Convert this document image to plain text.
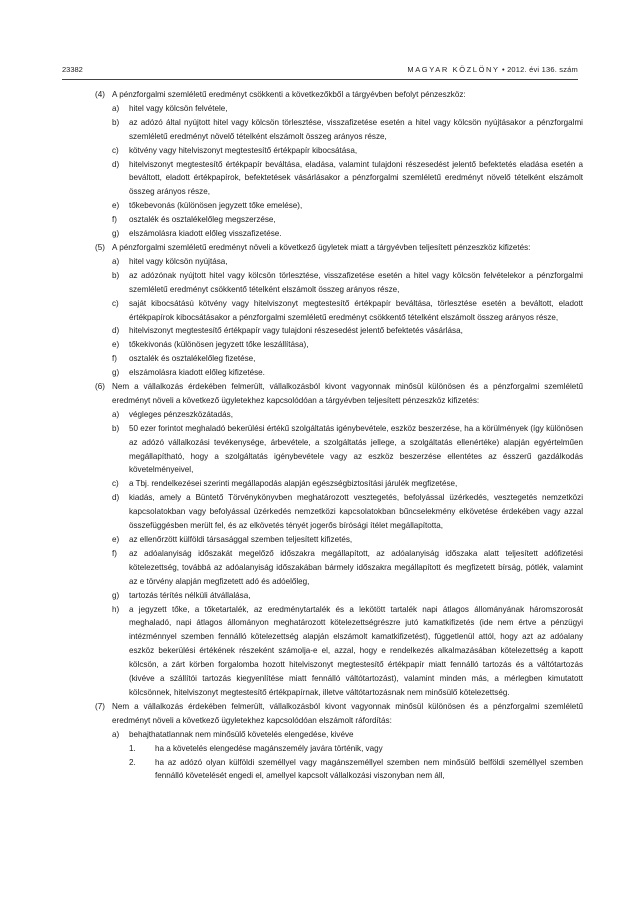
23382	MAGYAR KÖZLÖNY • 2012. évi 136. szám
(4) A pénzforgalmi szemléletű eredményt csökkenti a következőkből a tárgyévben befolyt pénzeszköz:
a) hitel vagy kölcsön felvétele,
b) az adózó által nyújtott hitel vagy kölcsön törlesztése, visszafizetése esetén a hitel vagy kölcsön nyújtásakor a pénzforgalmi szemléletű eredményt növelő tételként elszámolt összeg arányos része,
c) kötvény vagy hitelviszonyt megtestesítő értékpapír kibocsátása,
d) hitelviszonyt megtestesítő értékpapír beváltása, eladása, valamint tulajdoni részesedést jelentő befektetés eladása esetén a beváltott, eladott értékpapírok, befektetések vásárlásakor a pénzforgalmi szemléletű eredményt növelő tételként elszámolt összeg arányos része,
e) tőkebevonás (különösen jegyzett tőke emelése),
f) osztalék és osztalékelőleg megszerzése,
g) elszámolásra kiadott előleg visszafizetése.
(5) A pénzforgalmi szemléletű eredményt növeli a következő ügyletek miatt a tárgyévben teljesített pénzeszköz kifizetés:
a) hitel vagy kölcsön nyújtása,
b) az adózónak nyújtott hitel vagy kölcsön törlesztése, visszafizetése esetén a hitel vagy kölcsön felvételekor a pénzforgalmi szemléletű eredményt csökkentő tételként elszámolt összeg arányos része,
c) saját kibocsátású kötvény vagy hitelviszonyt megtestesítő értékpapír beváltása, törlesztése esetén a beváltott, eladott értékpapírok kibocsátásakor a pénzforgalmi szemléletű eredményt csökkentő tételként elszámolt összeg arányos része,
d) hitelviszonyt megtestesítő értékpapír vagy tulajdoni részesedést jelentő befektetés vásárlása,
e) tőkekivonás (különösen jegyzett tőke leszállítása),
f) osztalék és osztalékelőleg fizetése,
g) elszámolásra kiadott előleg kifizetése.
(6) Nem a vállalkozás érdekében felmerült, vállalkozásból kivont vagyonnak minősül különösen és a pénzforgalmi szemléletű eredményt növeli a következő ügyletekhez kapcsolódóan a tárgyévben teljesített pénzeszköz kifizetés:
a) végleges pénzeszközátadás,
b) 50 ezer forintot meghaladó bekerülési értékű szolgáltatás igénybevétele, eszköz beszerzése, ha a körülmények (így különösen az adózó vállalkozási tevékenysége, árbevétele, a szolgáltatás jellege, a szolgáltatás ellenértéke) alapján egyértelműen megállapítható, hogy a szolgáltatás igénybevétele vagy az eszköz beszerzése ellentétes az ésszerű gazdálkodás követelményeivel,
c) a Tbj. rendelkezései szerinti megállapodás alapján egészségbiztosítási járulék megfizetése,
d) kiadás, amely a Büntető Törvénykönyvben meghatározott vesztegetés, befolyással üzérkedés, vesztegetés nemzetközi kapcsolatokban vagy befolyással üzérkedés nemzetközi kapcsolatokban bűncselekmény elkövetése érdekében vagy azzal összefüggésben merült fel, és az elkövetés tényét jogerős bírósági ítélet megállapította,
e) az ellenőrzött külföldi társasággal szemben teljesített kifizetés,
f) az adóalanyiság időszakát megelőző időszakra megállapított, az adóalanyiság időszaka alatt teljesített adófizetési kötelezettség, továbbá az adóalanyiság időszakában bármely időszakra megállapított és megfizetett bírság, pótlék, valamint az e törvény alapján megfizetett adó és adóelőleg,
g) tartozás térítés nélküli átvállalása,
h) a jegyzett tőke, a tőketartalék, az eredménytartalék és a lekötött tartalék napi átlagos állományának háromszorosát meghaladó, napi átlagos állományon meghatározott kötelezettségrészre jutó kamatkifizetés (ide nem értve a pénzügyi intézménnyel szemben fennálló kötelezettség alapján elszámolt kamatkifizetést), függetlenül attól, hogy azt az adóalany eszköz bekerülési értékének részeként számolja-e el, azzal, hogy e rendelkezés alkalmazásában kötelezettség a kapott kölcsön, a zárt körben forgalomba hozott hitelviszonyt megtestesítő értékpapír miatt fennálló tartozás és a váltótartozás (kivéve a szállítói tartozás kiegyenlítése miatt fennálló váltótartozást), valamint minden más, a mérlegben kimutatott kölcsönnek, hitelviszonyt megtestesítő értékpapírnak, illetve váltótartozásnak nem minősülő kötelezettség.
(7) Nem a vállalkozás érdekében felmerült, vállalkozásból kivont vagyonnak minősül különösen és a pénzforgalmi szemléletű eredményt növeli a következő ügyletekhez kapcsolódóan elszámolt ráfordítás:
a) behajthatatlannak nem minősülő követelés elengedése, kivéve
1. ha a követelés elengedése magánszemély javára történik, vagy
2. ha az adózó olyan külföldi személlyel vagy magánszeméllyel szemben nem minősülő belföldi személlyel szemben fennálló követelését engedi el, amellyel kapcsolt vállalkozási viszonyban nem áll,
